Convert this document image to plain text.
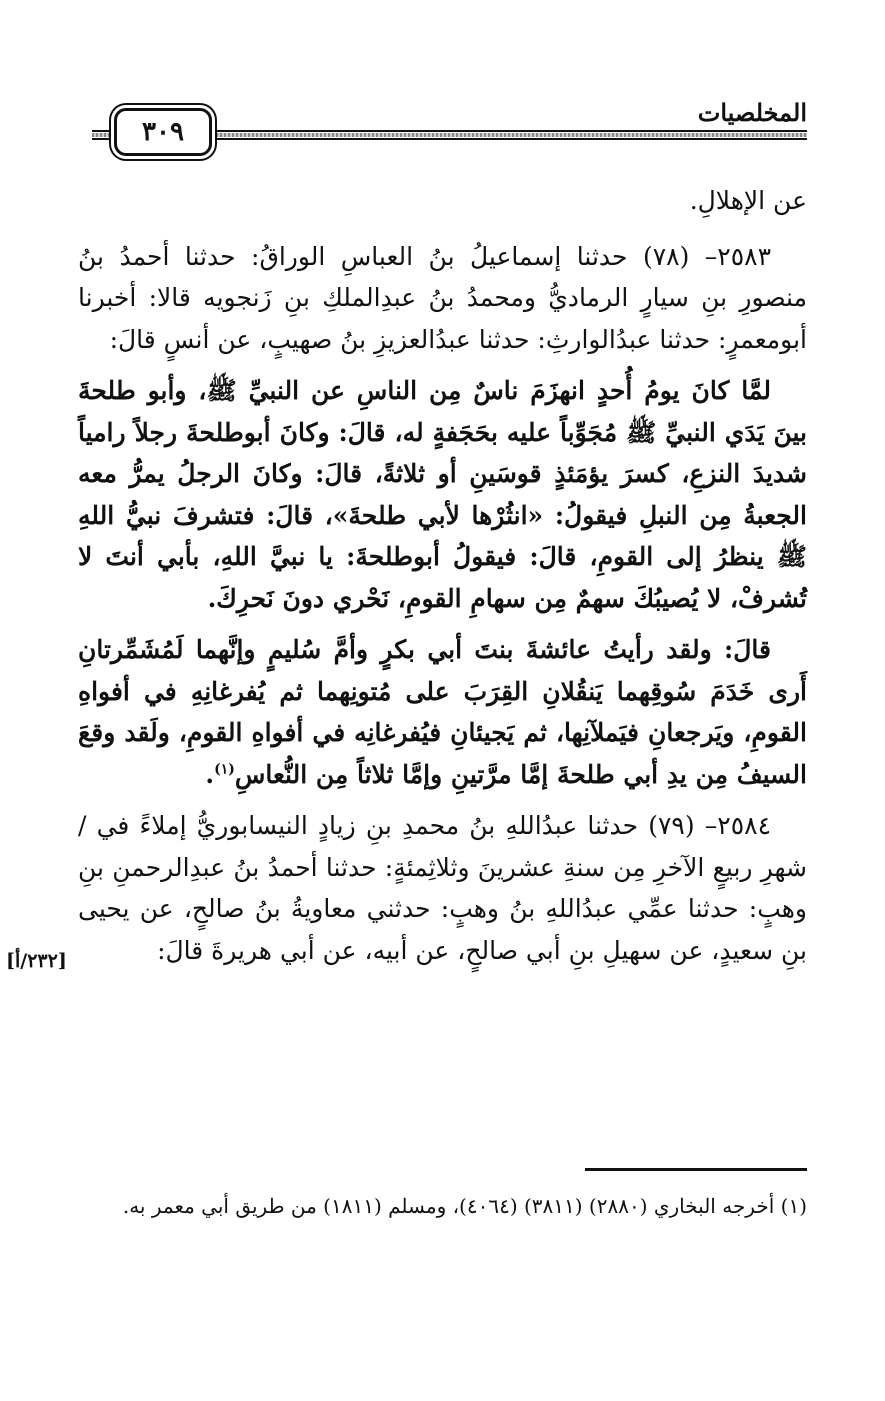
المخلصيات
٣٠٩

عن الإهلالِ.

٢٥٨٣– (٧٨) حدثنا إسماعيلُ بنُ العباسِ الوراقُ: حدثنا أحمدُ بنُ منصورِ بنِ سيارٍ الرماديُّ ومحمدُ بنُ عبدِالملكِ بنِ زَنجويه قالا: أخبرنا أبومعمرٍ: حدثنا عبدُالوارثِ: حدثنا عبدُالعزيزِ بنُ صهيبٍ، عن أنسٍ قالَ:

لمَّا كانَ يومُ أُحدٍ انهزَمَ ناسٌ مِن الناسِ عن النبيِّ ﷺ، وأبو طلحةَ بينَ يَدَي النبيِّ ﷺ مُجَوِّباً عليه بحَجَفةٍ له، قالَ: وكانَ أبوطلحةَ رجلاً رامياً شديدَ النزعِ، كسرَ يؤمَئذٍ قوسَينِ أو ثلاثةً، قالَ: وكانَ الرجلُ يمرُّ معه الجعبةُ مِن النبلِ فيقولُ: «انثُرْها لأبي طلحةَ»، قالَ: فتشرفَ نبيُّ اللهِ ﷺ ينظرُ إلى القومِ، قالَ: فيقولُ أبوطلحةَ: يا نبيَّ اللهِ، بأبي أنتَ لا تُشرفْ، لا يُصيبُكَ سهمٌ مِن سهامِ القومِ، نَحْري دونَ نَحرِكَ.

قالَ: ولقد رأيتُ عائشةَ بنتَ أبي بكرٍ وأمَّ سُليمٍ وإنَّهما لَمُشَمِّرتانِ أَرى خَدَمَ سُوقِهما يَنقُلانِ القِرَبَ على مُتونِهما ثم يُفرغانِهِ في أفواهِ القومِ، ويَرجعانِ فيَملآنِها، ثم يَجيئانِ فيُفرغانِه في أفواهِ القومِ، ولَقد وقعَ السيفُ مِن يدِ أبي طلحةَ إمَّا مرَّتينِ وإمَّا ثلاثاً مِن النُّعاسِ$^{(١)}$.

٢٥٨٤– (٧٩) حدثنا عبدُاللهِ بنُ محمدِ بنِ زيادٍ النيسابوريُّ إملاءً في / شهرِ ربيعٍ الآخرِ مِن سنةِ عشرينَ وثلاثِمئةٍ: حدثنا أحمدُ بنُ عبدِالرحمنِ بنِ وهبٍ: حدثنا عمِّي عبدُاللهِ بنُ وهبٍ: حدثني معاويةُ بنُ صالحٍ، عن يحيى بنِ سعيدٍ، عن سهيلِ بنِ أبي صالحٍ، عن أبيه، عن أبي هريرةَ قالَ:

[٢٣٢/أ]
(١) أخرجه البخاري (٢٨٨٠) (٣٨١١) (٤٠٦٤)، ومسلم (١٨١١) من طريق أبي معمر به.
